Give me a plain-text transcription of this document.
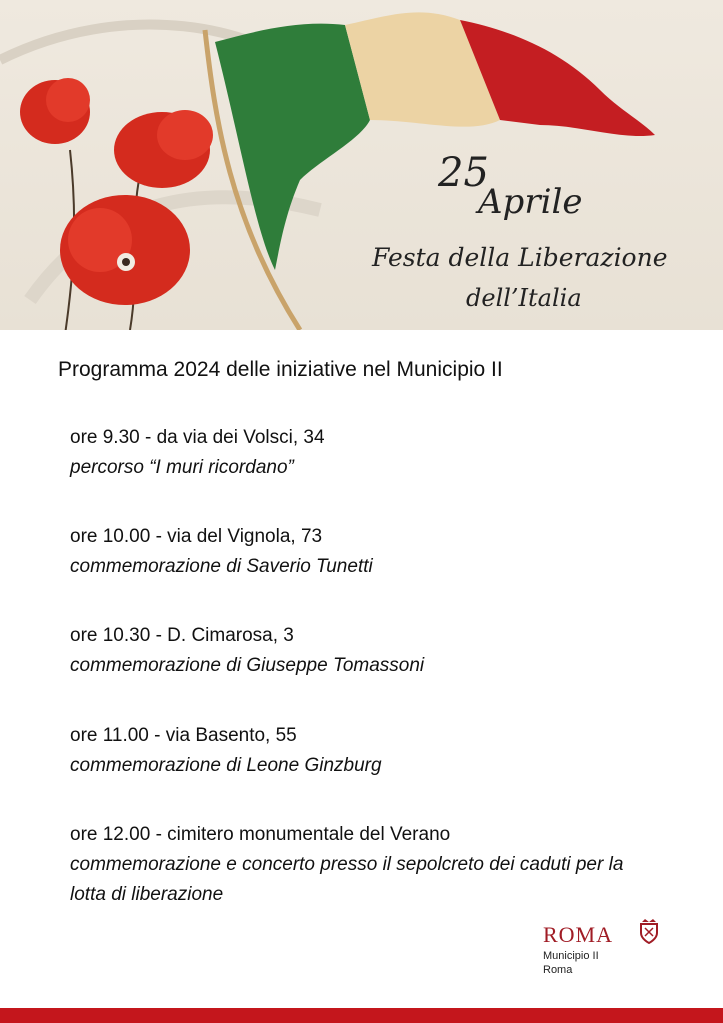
25
Aprile
Festa della Liberazione
dell’Italia
Programma 2024 delle iniziative nel Municipio II
ore 9.30 - da via dei Volsci, 34
percorso “I muri ricordano”
ore 10.00 - via del Vignola, 73
commemorazione di Saverio Tunetti
ore 10.30 - D. Cimarosa, 3
commemorazione di Giuseppe Tomassoni
ore 11.00 - via Basento, 55
commemorazione di Leone Ginzburg
ore 12.00 - cimitero monumentale del Verano
commemorazione e concerto presso il sepolcreto dei caduti per la lotta di liberazione
ROMA
Municipio II
Roma
